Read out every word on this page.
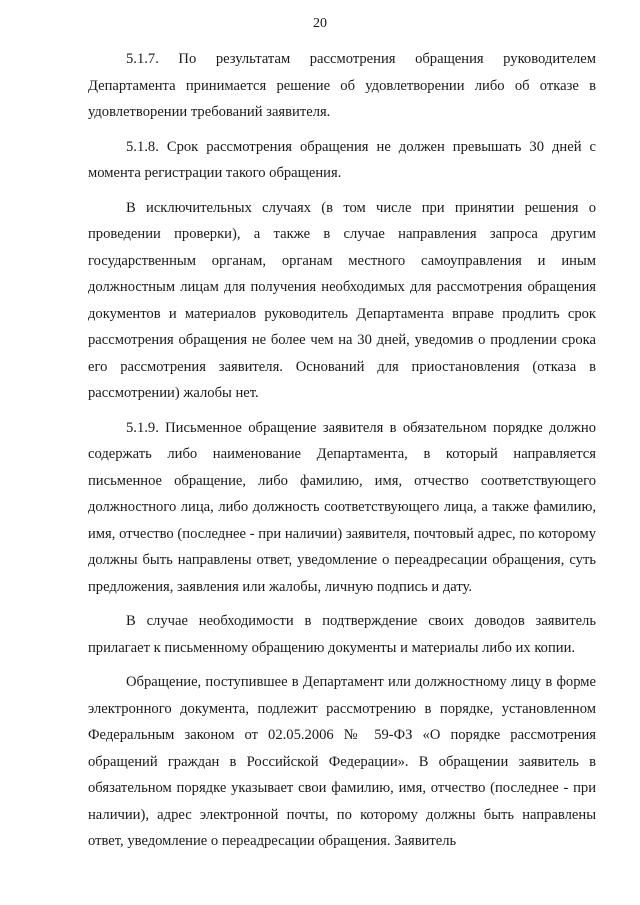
20

5.1.7. По результатам рассмотрения обращения руководителем Департамента принимается решение об удовлетворении либо об отказе в удовлетворении требований заявителя.

5.1.8. Срок рассмотрения обращения не должен превышать 30 дней с момента регистрации такого обращения.

В исключительных случаях (в том числе при принятии решения о проведении проверки), а также в случае направления запроса другим государственным органам, органам местного самоуправления и иным должностным лицам для получения необходимых для рассмотрения обращения документов и материалов руководитель Департамента вправе продлить срок рассмотрения обращения не более чем на 30 дней, уведомив о продлении срока его рассмотрения заявителя. Оснований для приостановления (отказа в рассмотрении) жалобы нет.

5.1.9. Письменное обращение заявителя в обязательном порядке должно содержать либо наименование Департамента, в который направляется письменное обращение, либо фамилию, имя, отчество соответствующего должностного лица, либо должность соответствующего лица, а также фамилию, имя, отчество (последнее - при наличии) заявителя, почтовый адрес, по которому должны быть направлены ответ, уведомление о переадресации обращения, суть предложения, заявления или жалобы, личную подпись и дату.

В случае необходимости в подтверждение своих доводов заявитель прилагает к письменному обращению документы и материалы либо их копии.

Обращение, поступившее в Департамент или должностному лицу в форме электронного документа, подлежит рассмотрению в порядке, установленном Федеральным законом от 02.05.2006 № 59-ФЗ «О порядке рассмотрения обращений граждан в Российской Федерации». В обращении заявитель в обязательном порядке указывает свои фамилию, имя, отчество (последнее - при наличии), адрес электронной почты, по которому должны быть направлены ответ, уведомление о переадресации обращения. Заявитель
